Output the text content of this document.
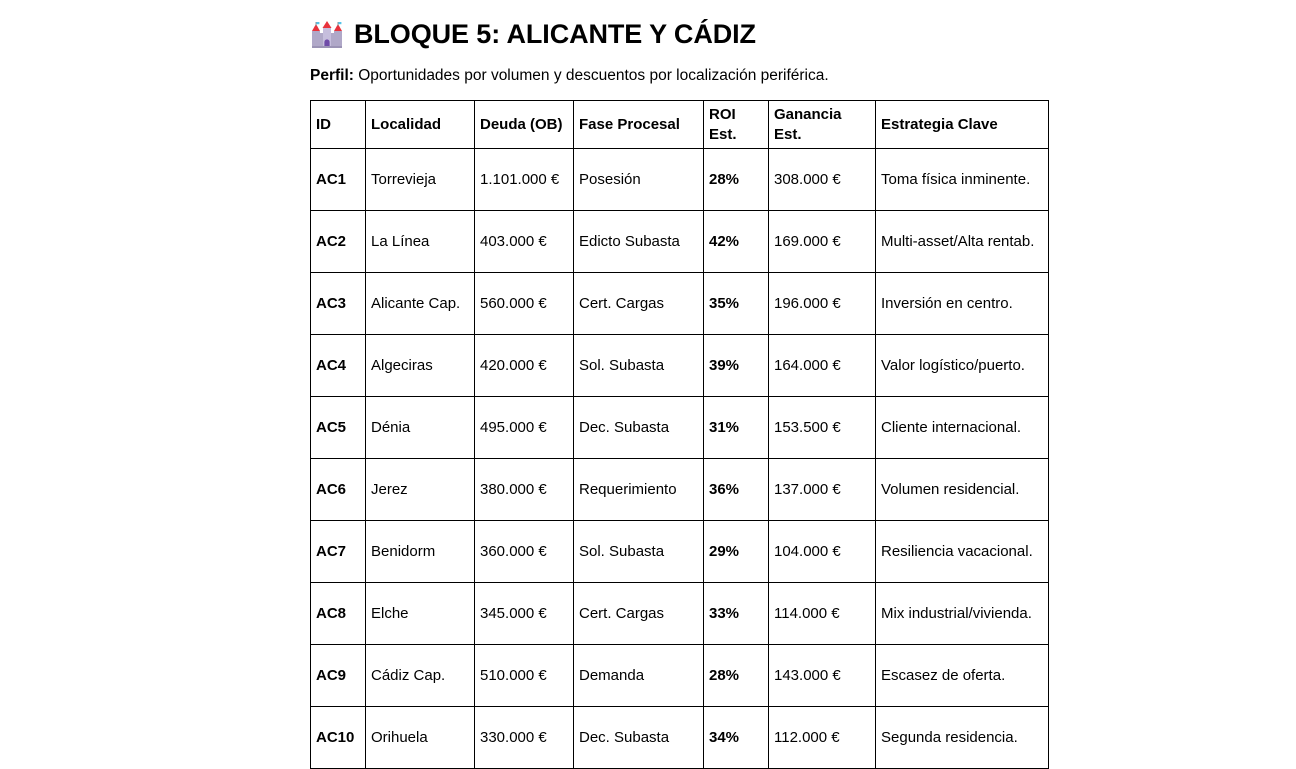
BLOQUE 5: ALICANTE Y CÁDIZ
Perfil: Oportunidades por volumen y descuentos por localización periférica.
ID	Localidad	Deuda (OB)	Fase Procesal	ROI Est.	Ganancia Est.	Estrategia Clave
AC1	Torrevieja	1.101.000 €	Posesión	28%	308.000 €	Toma física inminente.
AC2	La Línea	403.000 €	Edicto Subasta	42%	169.000 €	Multi-asset/Alta rentab.
AC3	Alicante Cap.	560.000 €	Cert. Cargas	35%	196.000 €	Inversión en centro.
AC4	Algeciras	420.000 €	Sol. Subasta	39%	164.000 €	Valor logístico/puerto.
AC5	Dénia	495.000 €	Dec. Subasta	31%	153.500 €	Cliente internacional.
AC6	Jerez	380.000 €	Requerimiento	36%	137.000 €	Volumen residencial.
AC7	Benidorm	360.000 €	Sol. Subasta	29%	104.000 €	Resiliencia vacacional.
AC8	Elche	345.000 €	Cert. Cargas	33%	114.000 €	Mix industrial/vivienda.
AC9	Cádiz Cap.	510.000 €	Demanda	28%	143.000 €	Escasez de oferta.
AC10	Orihuela	330.000 €	Dec. Subasta	34%	112.000 €	Segunda residencia.
